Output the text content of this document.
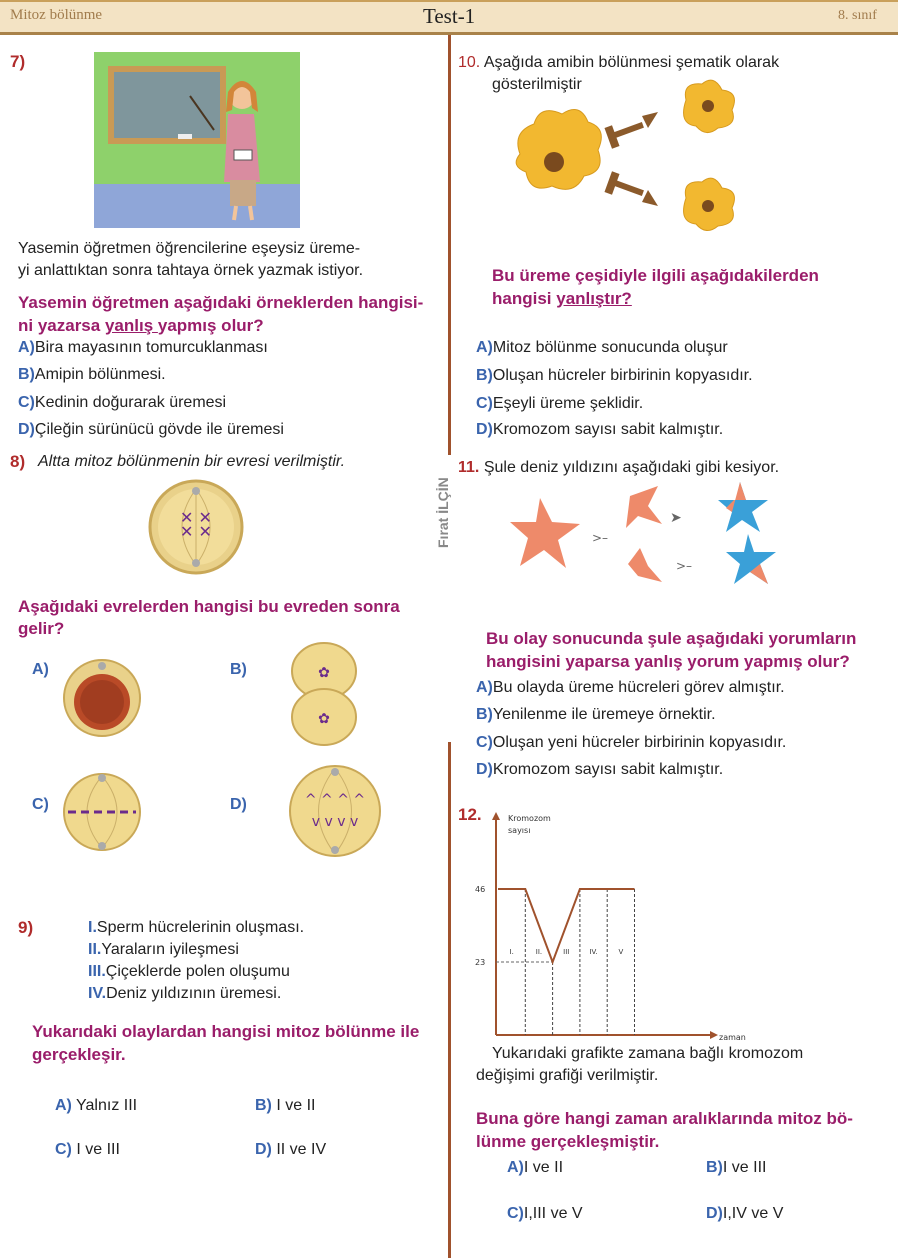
Mitoz bölünme	Test-1	8. sınıf
Fırat İLÇİN
7)
Yasemin öğretmen öğrencilerine eşeysiz üreme-
yi anlattıktan sonra tahtaya örnek yazmak istiyor.
Yasemin öğretmen aşağıdaki örneklerden hangisi-
ni yazarsa yanlış yapmış olur?
A)Bira mayasının tomurcuklanması
B)Amipin bölünmesi.
C)Kedinin doğurarak üremesi
D)Çileğin sürünücü gövde ile üremesi
8) Altta mitoz bölünmenin bir evresi verilmiştir.
✕ ✕
✕ ✕
Aşağıdaki evrelerden hangisi bu evreden sonra
gelir?
A)	B)	✿
✿
C)	D)	^ ^ ^ ^
v v v v
9)	I.Sperm hücrelerinin oluşması.
II.Yaraların iyileşmesi
III.Çiçeklerde polen oluşumu
IV.Deniz yıldızının üremesi.
Yukarıdaki olaylardan hangisi mitoz bölünme ile
gerçekleşir.
A) Yalnız III	B) I ve II
C) I ve III	D) II ve IV
10. Aşağıda amibin bölünmesi şematik olarak
gösterilmiştir
Bu üreme çeşidiyle ilgili aşağıdakilerden
hangisi yanlıştır?
A)Mitoz bölünme sonucunda oluşur
B)Oluşan hücreler birbirinin kopyasıdır.
C)Eşeyli üreme şeklidir.
D)Kromozom sayısı sabit kalmıştır.
11. Şule deniz yıldızını aşağıdaki gibi kesiyor.
>–
➤
>–
Bu olay sonucunda şule aşağıdaki yorumların
hangisini yaparsa yanlış yorum yapmış olur?
A)Bu olayda üreme hücreleri görev almıştır.
B)Yenilenme ile üremeye örnektir.
C)Oluşan yeni hücreler birbirinin kopyasıdır.
D)Kromozom sayısı sabit kalmıştır.
12.	Kromozom
sayısı
zaman
46
23
I.	II.	III	IV.	V
Yukarıdaki grafikte zamana bağlı kromozom
değişimi grafiği verilmiştir.
Buna göre hangi zaman aralıklarında mitoz bö-
lünme gerçekleşmiştir.
A)I ve II	B)I ve III
C)I,III ve V	D)I,IV ve V
